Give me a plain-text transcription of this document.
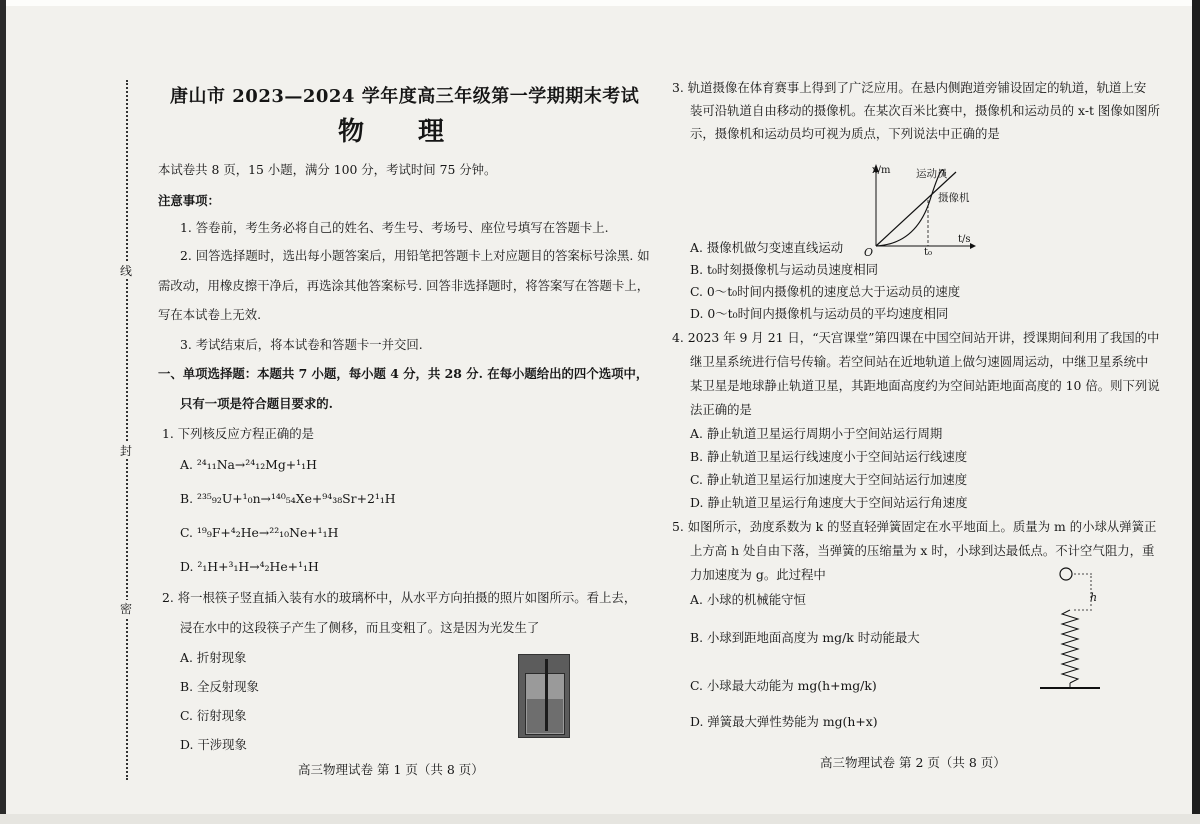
线
封
密
唐山市 2023—2024 学年度高三年级第一学期期末考试
物　理
本试卷共 8 页，15 小题，满分 100 分，考试时间 75 分钟。
注意事项：
1. 答卷前，考生务必将自己的姓名、考生号、考场号、座位号填写在答题卡上.
2. 回答选择题时，选出每小题答案后，用铅笔把答题卡上对应题目的答案标号涂黑. 如
需改动，用橡皮擦干净后，再选涂其他答案标号. 回答非选择题时，将答案写在答题卡上，
写在本试卷上无效.
3. 考试结束后，将本试卷和答题卡一并交回.
一、单项选择题：本题共 7 小题，每小题 4 分，共 28 分. 在每小题给出的四个选项中，
只有一项是符合题目要求的.
1. 下列核反应方程正确的是
A. ²⁴₁₁Na→²⁴₁₂Mg+¹₁H
B. ²³⁵₉₂U+¹₀n→¹⁴⁰₅₄Xe+⁹⁴₃₈Sr+2¹₁H
C. ¹⁹₉F+⁴₂He→²²₁₀Ne+¹₁H
D. ²₁H+³₁H→⁴₂He+¹₁H
2. 将一根筷子竖直插入装有水的玻璃杯中，从水平方向拍摄的照片如图所示。看上去，
浸在水中的这段筷子产生了侧移，而且变粗了。这是因为光发生了
A. 折射现象
B. 全反射现象
C. 衍射现象
D. 干涉现象
高三物理试卷 第 1 页（共 8 页）
3. 轨道摄像在体育赛事上得到了广泛应用。在悬内侧跑道旁铺设固定的轨道，轨道上安
装可沿轨道自由移动的摄像机。在某次百米比赛中，摄像机和运动员的 x-t 图像如图所
示，摄像机和运动员均可视为质点，下列说法中正确的是
x/m
t/s
O	t₀
运动员
摄像机
A. 摄像机做匀变速直线运动
B. t₀时刻摄像机与运动员速度相同
C. 0～t₀时间内摄像机的速度总大于运动员的速度
D. 0～t₀时间内摄像机与运动员的平均速度相同
4. 2023 年 9 月 21 日，“天宫课堂”第四课在中国空间站开讲，授课期间利用了我国的中
继卫星系统进行信号传输。若空间站在近地轨道上做匀速圆周运动，中继卫星系统中
某卫星是地球静止轨道卫星，其距地面高度约为空间站距地面高度的 10 倍。则下列说
法正确的是
A. 静止轨道卫星运行周期小于空间站运行周期
B. 静止轨道卫星运行线速度小于空间站运行线速度
C. 静止轨道卫星运行加速度大于空间站运行加速度
D. 静止轨道卫星运行角速度大于空间站运行角速度
5. 如图所示，劲度系数为 k 的竖直轻弹簧固定在水平地面上。质量为 m 的小球从弹簧正
上方高 h 处自由下落，当弹簧的压缩量为 x 时，小球到达最低点。不计空气阻力，重
力加速度为 g。此过程中
A. 小球的机械能守恒
B. 小球到距地面高度为 mg/k 时动能最大
C. 小球最大动能为 mg(h+mg/k)
D. 弹簧最大弹性势能为 mg(h+x)
h
高三物理试卷 第 2 页（共 8 页）
